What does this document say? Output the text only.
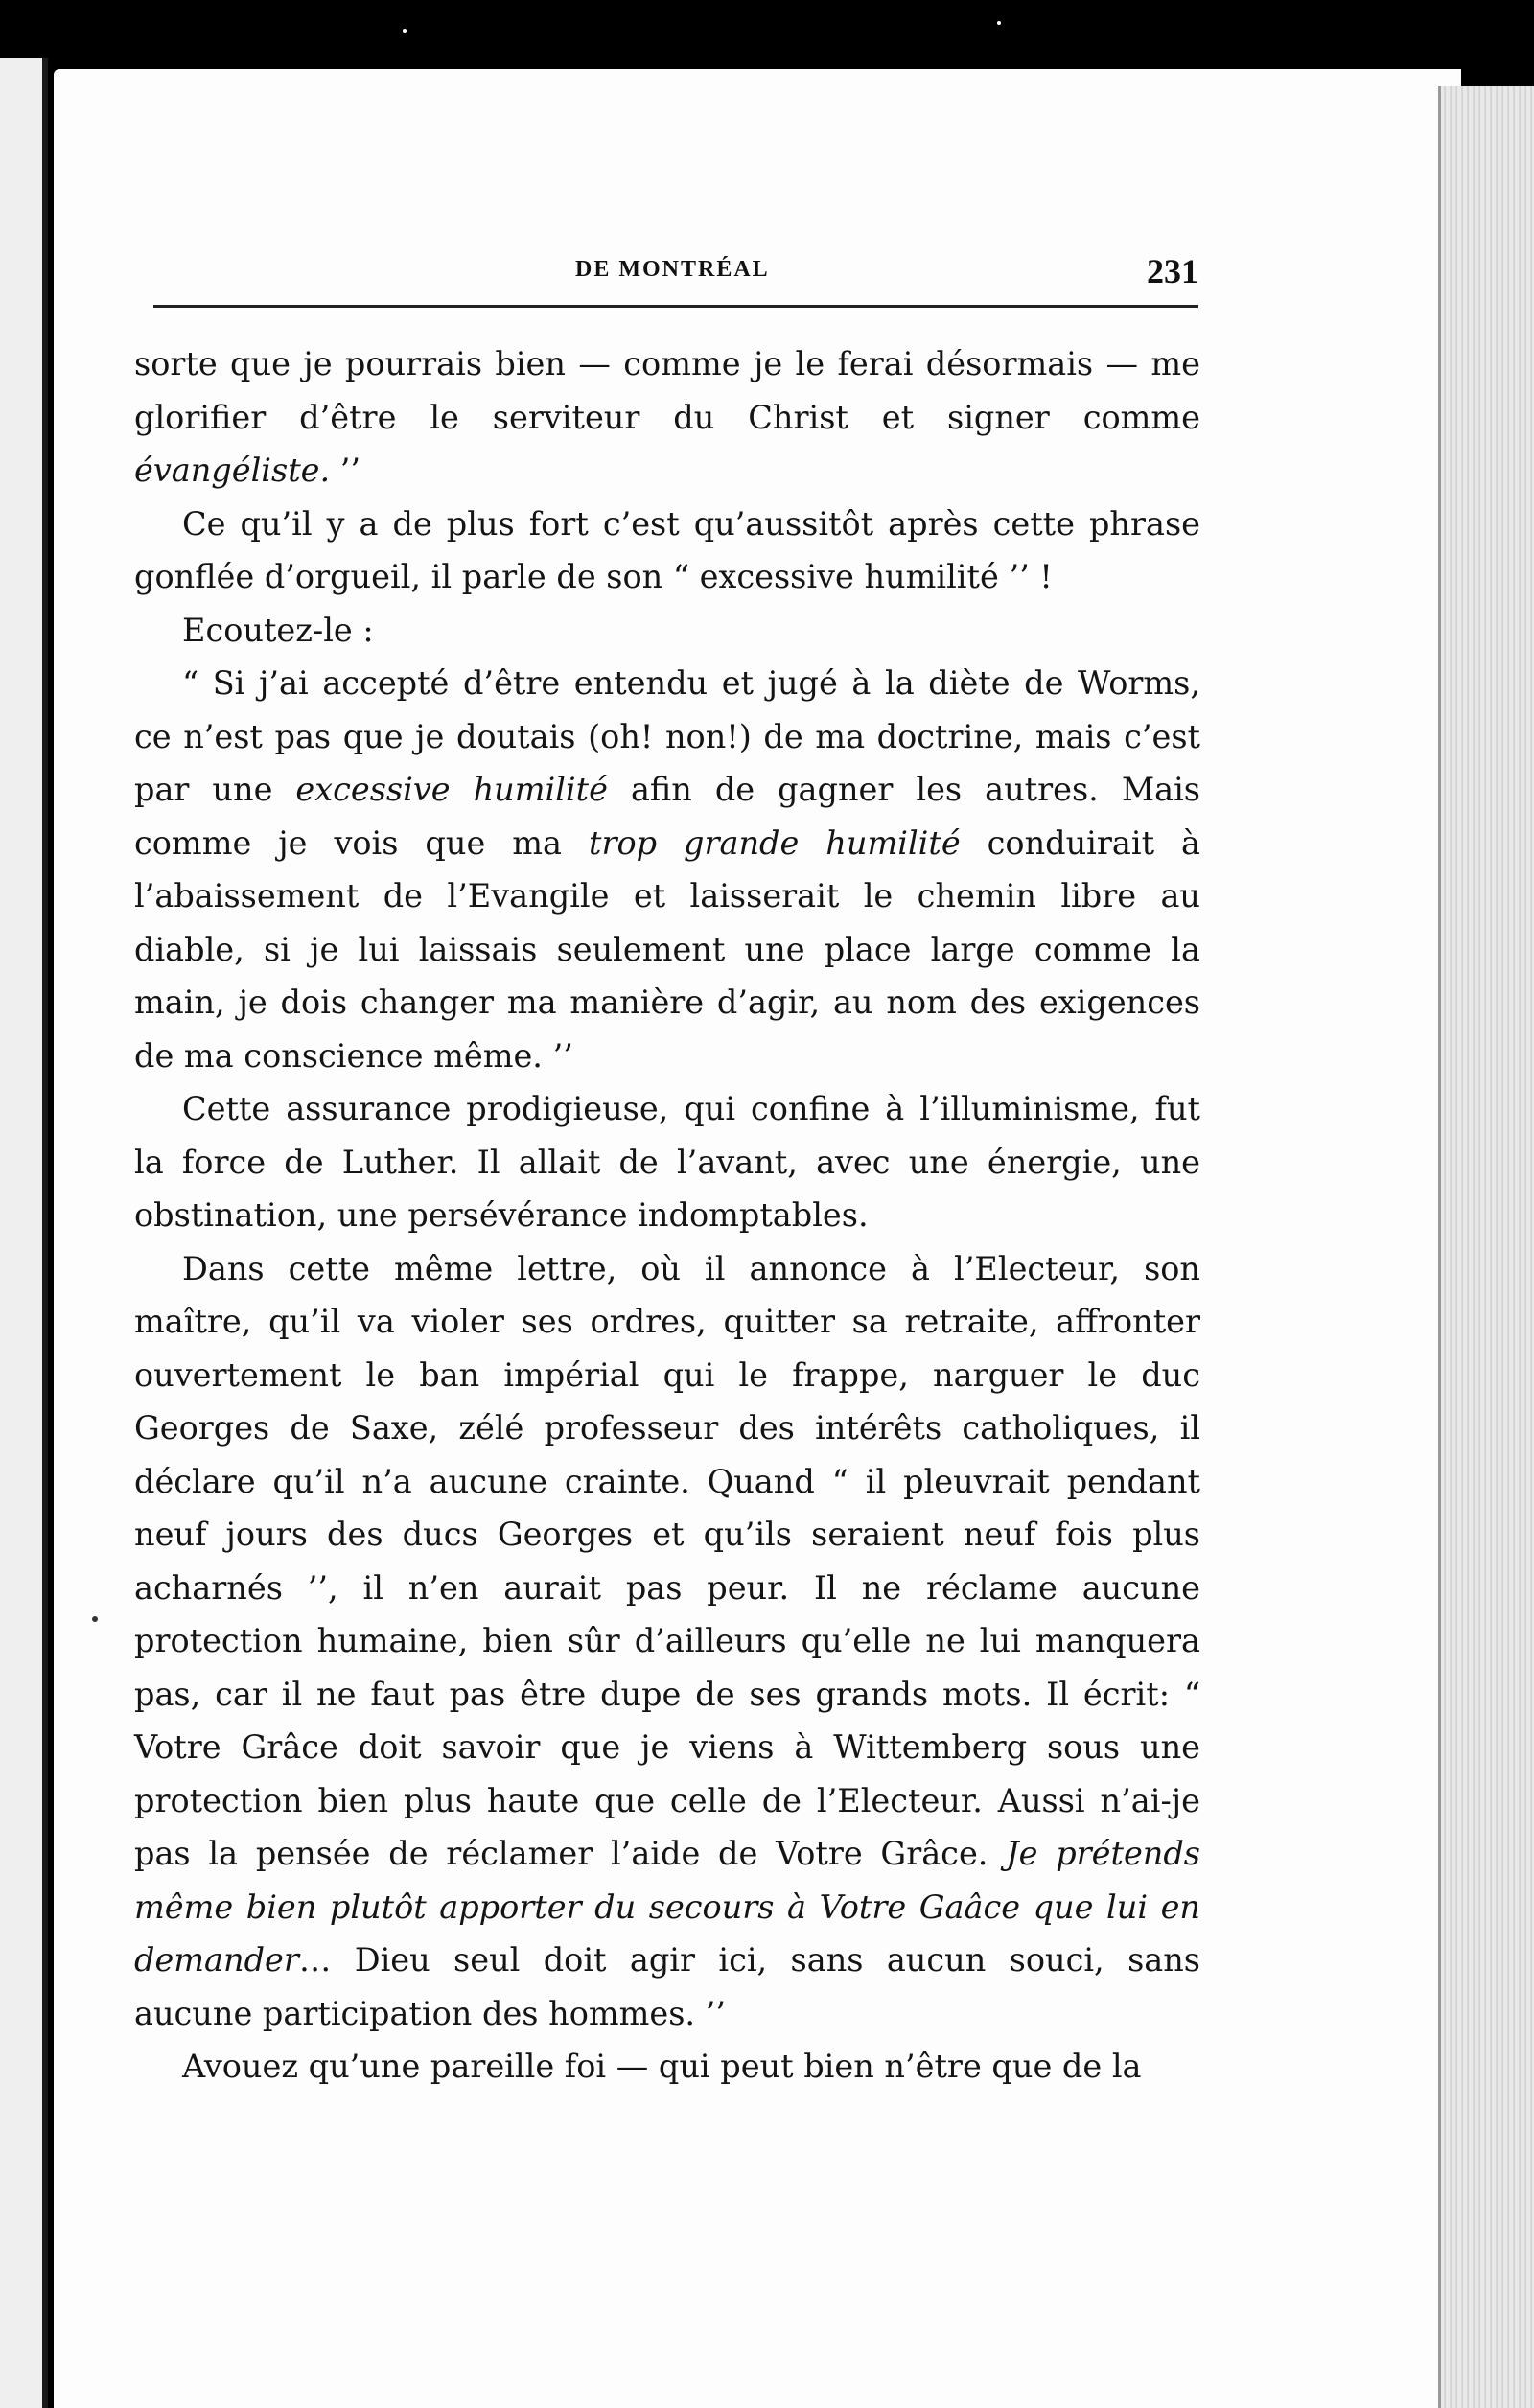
DE MONTRÉAL	231

sorte que je pourrais bien — comme je le ferai désormais — me glorifier d’être le serviteur du Christ et signer comme évangéliste. ’’

Ce qu’il y a de plus fort c’est qu’aussitôt après cette phrase gonflée d’orgueil, il parle de son “ excessive humilité ’’ !

Ecoutez-le :

“ Si j’ai accepté d’être entendu et jugé à la diète de Worms, ce n’est pas que je doutais (oh! non!) de ma doctrine, mais c’est par une excessive humilité afin de gagner les autres. Mais comme je vois que ma trop grande humilité conduirait à l’abaissement de l’Evangile et laisserait le chemin libre au diable, si je lui laissais seulement une place large comme la main, je dois changer ma manière d’agir, au nom des exigences de ma conscience même. ’’

Cette assurance prodigieuse, qui confine à l’illuminisme, fut la force de Luther. Il allait de l’avant, avec une énergie, une obstination, une persévérance indomptables.

Dans cette même lettre, où il annonce à l’Electeur, son maître, qu’il va violer ses ordres, quitter sa retraite, affronter ouvertement le ban impérial qui le frappe, narguer le duc Georges de Saxe, zélé professeur des intérêts catholiques, il déclare qu’il n’a aucune crainte. Quand “ il pleuvrait pendant neuf jours des ducs Georges et qu’ils seraient neuf fois plus acharnés ’’, il n’en aurait pas peur. Il ne réclame aucune protection humaine, bien sûr d’ailleurs qu’elle ne lui manquera pas, car il ne faut pas être dupe de ses grands mots. Il écrit: “ Votre Grâce doit savoir que je viens à Wittemberg sous une protection bien plus haute que celle de l’Electeur. Aussi n’ai-je pas la pensée de réclamer l’aide de Votre Grâce. Je prétends même bien plutôt apporter du secours à Votre Gaâce que lui en demander… Dieu seul doit agir ici, sans aucun souci, sans aucune participation des hommes. ’’

Avouez qu’une pareille foi — qui peut bien n’être que de la
